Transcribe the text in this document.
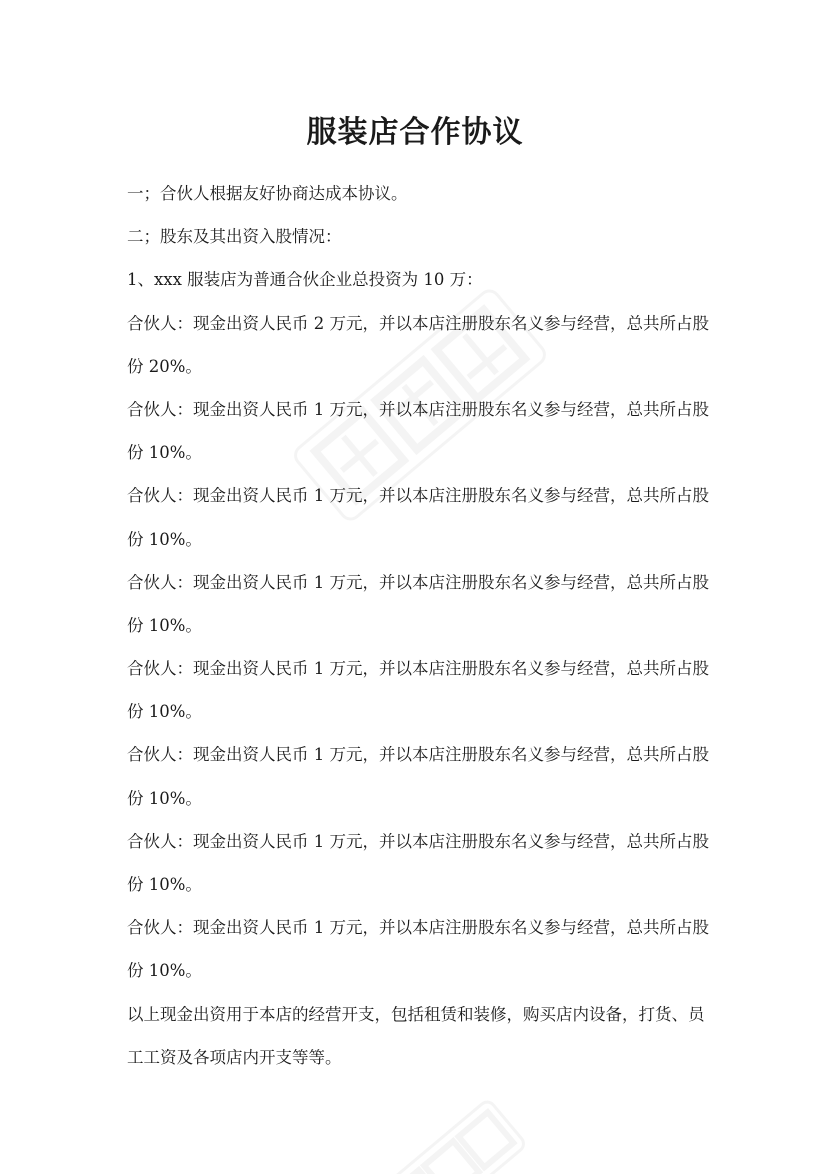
服装店合作协议

一；合伙人根据友好协商达成本协议。

二；股东及其出资入股情况：

1、xxx 服装店为普通合伙企业总投资为 10 万：

合伙人：现金出资人民币 2 万元，并以本店注册股东名义参与经营，总共所占股

份 20%。

合伙人：现金出资人民币 1 万元，并以本店注册股东名义参与经营，总共所占股

份 10%。

合伙人：现金出资人民币 1 万元，并以本店注册股东名义参与经营，总共所占股

份 10%。

合伙人：现金出资人民币 1 万元，并以本店注册股东名义参与经营，总共所占股

份 10%。

合伙人：现金出资人民币 1 万元，并以本店注册股东名义参与经营，总共所占股

份 10%。

合伙人：现金出资人民币 1 万元，并以本店注册股东名义参与经营，总共所占股

份 10%。

合伙人：现金出资人民币 1 万元，并以本店注册股东名义参与经营，总共所占股

份 10%。

合伙人：现金出资人民币 1 万元，并以本店注册股东名义参与经营，总共所占股

份 10%。

以上现金出资用于本店的经营开支，包括租赁和装修，购买店内设备，打货、员

工工资及各项店内开支等等。
